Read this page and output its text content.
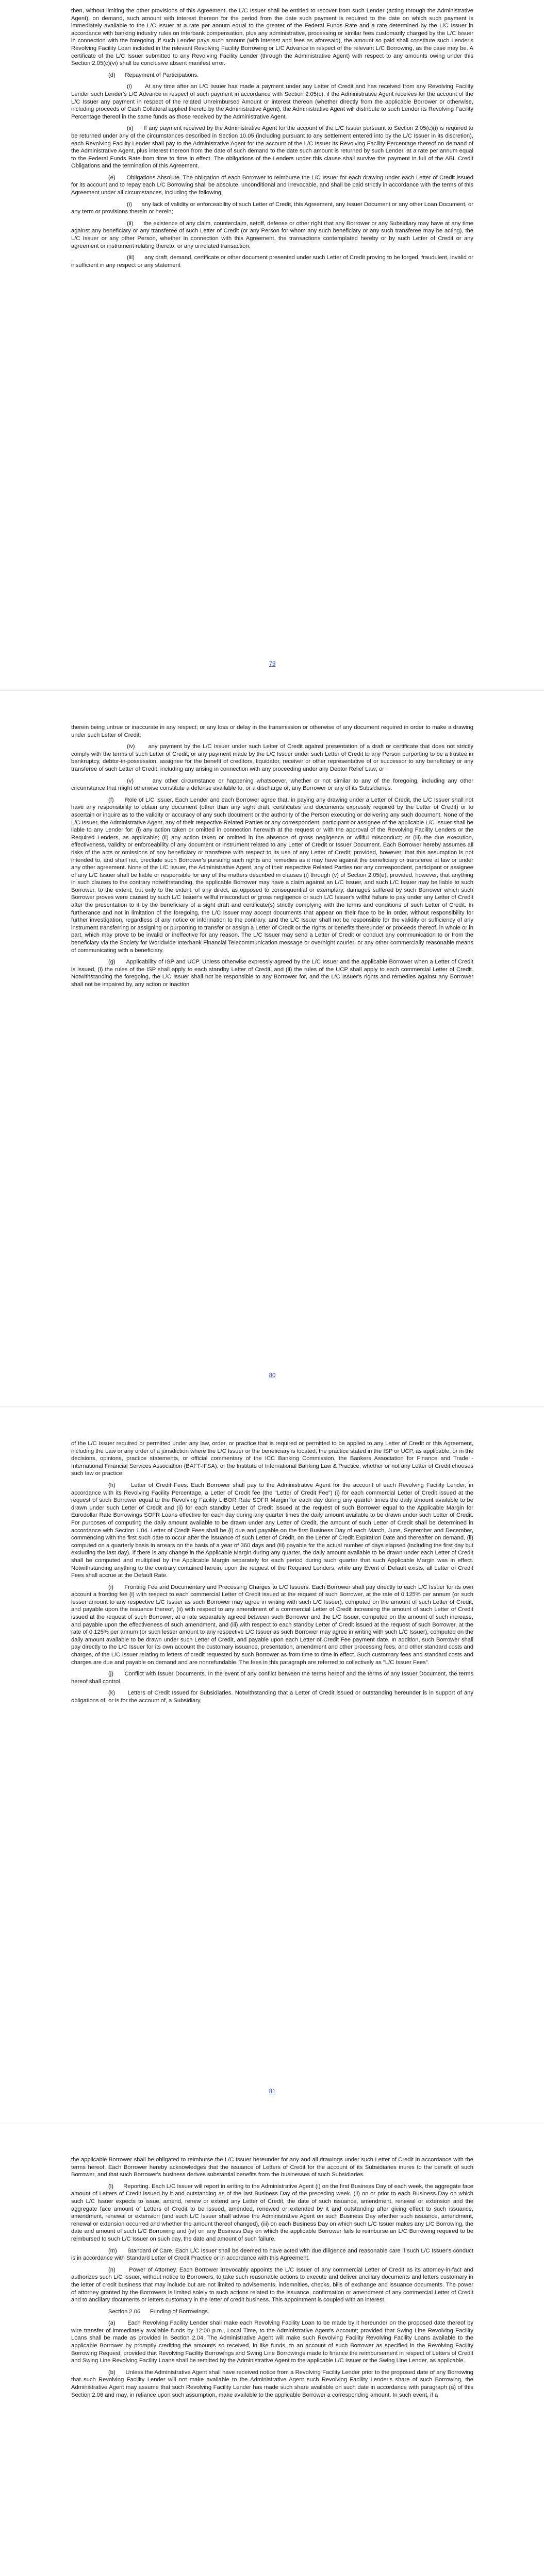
then, without limiting the other provisions of this Agreement, the L/C Issuer shall be entitled to recover from such Lender (acting through the Administrative Agent), on demand, such amount with interest thereon for the period from the date such payment is required to the date on which such payment is immediately available to the L/C Issuer at a rate per annum equal to the greater of the Federal Funds Rate and a rate determined by the L/C Issuer in accordance with banking industry rules on interbank compensation, plus any administrative, processing or similar fees customarily charged by the L/C Issuer in connection with the foregoing. If such Lender pays such amount (with interest and fees as aforesaid), the amount so paid shall constitute such Lender's Revolving Facility Loan included in the relevant Revolving Facility Borrowing or L/C Advance in respect of the relevant L/C Borrowing, as the case may be. A certificate of the L/C Issuer submitted to any Revolving Facility Lender (through the Administrative Agent) with respect to any amounts owing under this Section 2.05(c)(vi) shall be conclusive absent manifest error.

(d)      Repayment of Participations.

(i)      At any time after an L/C Issuer has made a payment under any Letter of Credit and has received from any Revolving Facility Lender such Lender's L/C Advance in respect of such payment in accordance with Section 2.05(c), if the Administrative Agent receives for the account of the L/C Issuer any payment in respect of the related Unreimbursed Amount or interest thereon (whether directly from the applicable Borrower or otherwise, including proceeds of Cash Collateral applied thereto by the Administrative Agent), the Administrative Agent will distribute to such Lender its Revolving Facility Percentage thereof in the same funds as those received by the Administrative Agent.

(ii)      If any payment received by the Administrative Agent for the account of the L/C Issuer pursuant to Section 2.05(c)(i) is required to be returned under any of the circumstances described in Section 10.05 (including pursuant to any settlement entered into by the L/C Issuer in its discretion), each Revolving Facility Lender shall pay to the Administrative Agent for the account of the L/C Issuer its Revolving Facility Percentage thereof on demand of the Administrative Agent, plus interest thereon from the date of such demand to the date such amount is returned by such Lender, at a rate per annum equal to the Federal Funds Rate from time to time in effect. The obligations of the Lenders under this clause shall survive the payment in full of the ABL Credit Obligations and the termination of this Agreement.

(e)      Obligations Absolute. The obligation of each Borrower to reimburse the L/C Issuer for each drawing under each Letter of Credit issued for its account and to repay each L/C Borrowing shall be absolute, unconditional and irrevocable, and shall be paid strictly in accordance with the terms of this Agreement under all circumstances, including the following:

(i)      any lack of validity or enforceability of such Letter of Credit, this Agreement, any Issuer Document or any other Loan Document, or any term or provisions therein or herein;

(ii)      the existence of any claim, counterclaim, setoff, defense or other right that any Borrower or any Subsidiary may have at any time against any beneficiary or any transferee of such Letter of Credit (or any Person for whom any such beneficiary or any such transferee may be acting), the L/C Issuer or any other Person, whether in connection with this Agreement, the transactions contemplated hereby or by such Letter of Credit or any agreement or instrument relating thereto, or any unrelated transaction;

(iii)      any draft, demand, certificate or other document presented under such Letter of Credit proving to be forged, fraudulent, invalid or insufficient in any respect or any statement

79

therein being untrue or inaccurate in any respect; or any loss or delay in the transmission or otherwise of any document required in order to make a drawing under such Letter of Credit;

(iv)      any payment by the L/C Issuer under such Letter of Credit against presentation of a draft or certificate that does not strictly comply with the terms of such Letter of Credit; or any payment made by the L/C Issuer under such Letter of Credit to any Person purporting to be a trustee in bankruptcy, debtor-in-possession, assignee for the benefit of creditors, liquidator, receiver or other representative of or successor to any beneficiary or any transferee of such Letter of Credit, including any arising in connection with any proceeding under any Debtor Relief Law; or

(v)      any other circumstance or happening whatsoever, whether or not similar to any of the foregoing, including any other circumstance that might otherwise constitute a defense available to, or a discharge of, any Borrower or any of its Subsidiaries.

(f)      Role of L/C Issuer. Each Lender and each Borrower agree that, in paying any drawing under a Letter of Credit, the L/C Issuer shall not have any responsibility to obtain any document (other than any sight draft, certificates and documents expressly required by the Letter of Credit) or to ascertain or inquire as to the validity or accuracy of any such document or the authority of the Person executing or delivering any such document. None of the L/C Issuer, the Administrative Agent, any of their respective Related Parties or any correspondent, participant or assignee of the applicable L/C Issuer shall be liable to any Lender for: (i) any action taken or omitted in connection herewith at the request or with the approval of the Revolving Facility Lenders or the Required Lenders, as applicable; (ii) any action taken or omitted in the absence of gross negligence or willful misconduct; or (iii) the due execution, effectiveness, validity or enforceability of any document or instrument related to any Letter of Credit or Issuer Document. Each Borrower hereby assumes all risks of the acts or omissions of any beneficiary or transferee with respect to its use of any Letter of Credit; provided, however, that this assumption is not intended to, and shall not, preclude such Borrower's pursuing such rights and remedies as it may have against the beneficiary or transferee at law or under any other agreement. None of the L/C Issuer, the Administrative Agent, any of their respective Related Parties nor any correspondent, participant or assignee of any L/C Issuer shall be liable or responsible for any of the matters described in clauses (i) through (v) of Section 2.05(e); provided, however, that anything in such clauses to the contrary notwithstanding, the applicable Borrower may have a claim against an L/C Issuer, and such L/C Issuer may be liable to such Borrower, to the extent, but only to the extent, of any direct, as opposed to consequential or exemplary, damages suffered by such Borrower which such Borrower proves were caused by such L/C Issuer's willful misconduct or gross negligence or such L/C Issuer's willful failure to pay under any Letter of Credit after the presentation to it by the beneficiary of a sight draft and certificate(s) strictly complying with the terms and conditions of such Letter of Credit. In furtherance and not in limitation of the foregoing, the L/C Issuer may accept documents that appear on their face to be in order, without responsibility for further investigation, regardless of any notice or information to the contrary, and the L/C Issuer shall not be responsible for the validity or sufficiency of any instrument transferring or assigning or purporting to transfer or assign a Letter of Credit or the rights or benefits thereunder or proceeds thereof, in whole or in part, which may prove to be invalid or ineffective for any reason. The L/C Issuer may send a Letter of Credit or conduct any communication to or from the beneficiary via the Society for Worldwide Interbank Financial Telecommunication message or overnight courier, or any other commercially reasonable means of communicating with a beneficiary.

(g)      Applicability of ISP and UCP. Unless otherwise expressly agreed by the L/C Issuer and the applicable Borrower when a Letter of Credit is issued, (i) the rules of the ISP shall apply to each standby Letter of Credit, and (ii) the rules of the UCP shall apply to each commercial Letter of Credit. Notwithstanding the foregoing, the L/C Issuer shall not be responsible to any Borrower for, and the L/C Issuer's rights and remedies against any Borrower shall not be impaired by, any action or inaction

80

of the L/C Issuer required or permitted under any law, order, or practice that is required or permitted to be applied to any Letter of Credit or this Agreement, including the Law or any order of a jurisdiction where the L/C Issuer or the beneficiary is located, the practice stated in the ISP or UCP, as applicable, or in the decisions, opinions, practice statements, or official commentary of the ICC Banking Commission, the Bankers Association for Finance and Trade - International Financial Services Association (BAFT-IFSA), or the Institute of International Banking Law & Practice, whether or not any Letter of Credit chooses such law or practice.

(h)      Letter of Credit Fees. Each Borrower shall pay to the Administrative Agent for the account of each Revolving Facility Lender, in accordance with its Revolving Facility Percentage, a Letter of Credit fee (the "Letter of Credit Fee") (i) for each commercial Letter of Credit issued at the request of such Borrower equal to the Revolving Facility LIBOR Rate SOFR Margin for each day during any quarter times the daily amount available to be drawn under such Letter of Credit and (ii) for each standby Letter of Credit issued at the request of such Borrower equal to the Applicable Margin for Eurodollar Rate Borrowings SOFR Loans effective for each day during any quarter times the daily amount available to be drawn under such Letter of Credit. For purposes of computing the daily amount available to be drawn under any Letter of Credit, the amount of such Letter of Credit shall be determined in accordance with Section 1.04. Letter of Credit Fees shall be (i) due and payable on the first Business Day of each March, June, September and December, commencing with the first such date to occur after the issuance of such Letter of Credit, on the Letter of Credit Expiration Date and thereafter on demand, (ii) computed on a quarterly basis in arrears on the basis of a year of 360 days and (iii) payable for the actual number of days elapsed (including the first day but excluding the last day). If there is any change in the Applicable Margin during any quarter, the daily amount available to be drawn under each Letter of Credit shall be computed and multiplied by the Applicable Margin separately for each period during such quarter that such Applicable Margin was in effect. Notwithstanding anything to the contrary contained herein, upon the request of the Required Lenders, while any Event of Default exists, all Letter of Credit Fees shall accrue at the Default Rate.

(i)      Fronting Fee and Documentary and Processing Charges to L/C Issuers. Each Borrower shall pay directly to each L/C Issuer for its own account a fronting fee (i) with respect to each commercial Letter of Credit issued at the request of such Borrower, at the rate of 0.125% per annum (or such lesser amount to any respective L/C Issuer as such Borrower may agree in writing with such L/C Issuer), computed on the amount of such Letter of Credit, and payable upon the issuance thereof, (ii) with respect to any amendment of a commercial Letter of Credit increasing the amount of such Letter of Credit issued at the request of such Borrower, at a rate separately agreed between such Borrower and the L/C Issuer, computed on the amount of such increase, and payable upon the effectiveness of such amendment, and (iii) with respect to each standby Letter of Credit issued at the request of such Borrower, at the rate of 0.125% per annum (or such lesser amount to any respective L/C Issuer as such Borrower may agree in writing with such L/C Issuer), computed on the daily amount available to be drawn under such Letter of Credit, and payable upon each Letter of Credit Fee payment date. In addition, such Borrower shall pay directly to the L/C Issuer for its own account the customary issuance, presentation, amendment and other processing fees, and other standard costs and charges, of the L/C Issuer relating to letters of credit requested by such Borrower as from time to time in effect. Such customary fees and standard costs and charges are due and payable on demand and are nonrefundable. The fees in this paragraph are referred to collectively as "L/C Issuer Fees".

(j)      Conflict with Issuer Documents. In the event of any conflict between the terms hereof and the terms of any Issuer Document, the terms hereof shall control.

(k)      Letters of Credit Issued for Subsidiaries. Notwithstanding that a Letter of Credit issued or outstanding hereunder is in support of any obligations of, or is for the account of, a Subsidiary,

81

the applicable Borrower shall be obligated to reimburse the L/C Issuer hereunder for any and all drawings under such Letter of Credit in accordance with the terms hereof. Each Borrower hereby acknowledges that the issuance of Letters of Credit for the account of its Subsidiaries inures to the benefit of such Borrower, and that such Borrower's business derives substantial benefits from the businesses of such Subsidiaries.

(l)      Reporting. Each L/C Issuer will report in writing to the Administrative Agent (i) on the first Business Day of each week, the aggregate face amount of Letters of Credit issued by it and outstanding as of the last Business Day of the preceding week, (ii) on or prior to each Business Day on which such L/C Issuer expects to issue, amend, renew or extend any Letter of Credit, the date of such issuance, amendment, renewal or extension and the aggregate face amount of Letters of Credit to be issued, amended, renewed or extended by it and outstanding after giving effect to such issuance, amendment, renewal or extension (and such L/C Issuer shall advise the Administrative Agent on such Business Day whether such issuance, amendment, renewal or extension occurred and whether the amount thereof changed), (iii) on each Business Day on which such L/C Issuer makes any L/C Borrowing, the date and amount of such L/C Borrowing and (iv) on any Business Day on which the applicable Borrower fails to reimburse an L/C Borrowing required to be reimbursed to such L/C Issuer on such day, the date and amount of such failure.

(m)      Standard of Care. Each L/C Issuer shall be deemed to have acted with due diligence and reasonable care if such L/C Issuer's conduct is in accordance with Standard Letter of Credit Practice or in accordance with this Agreement.

(n)      Power of Attorney. Each Borrower irrevocably appoints the L/C Issuer of any commercial Letter of Credit as its attorney-in-fact and authorizes such L/C Issuer, without notice to Borrowers, to take such reasonable actions to execute and deliver ancillary documents and letters customary in the letter of credit business that may include but are not limited to advisements, indemnities, checks, bills of exchange and issuance documents. The power of attorney granted by the Borrowers is limited solely to such actions related to the issuance, confirmation or amendment of any commercial Letter of Credit and to ancillary documents or letters customary in the letter of credit business. This appointment is coupled with an interest.

Section 2.06      Funding of Borrowings.

(a)      Each Revolving Facility Lender shall make each Revolving Facility Loan to be made by it hereunder on the proposed date thereof by wire transfer of immediately available funds by 12:00 p.m., Local Time, to the Administrative Agent's Account; provided that Swing Line Revolving Facility Loans shall be made as provided in Section 2.04. The Administrative Agent will make such Revolving Facility Revolving Facility Loans available to the applicable Borrower by promptly crediting the amounts so received, in like funds, to an account of such Borrower as specified in the Revolving Facility Borrowing Request; provided that Revolving Facility Borrowings and Swing Line Borrowings made to finance the reimbursement in respect of Letters of Credit and Swing Line Revolving Facility Loans shall be remitted by the Administrative Agent to the applicable L/C Issuer or the Swing Line Lender, as applicable.

(b)      Unless the Administrative Agent shall have received notice from a Revolving Facility Lender prior to the proposed date of any Borrowing that such Revolving Facility Lender will not make available to the Administrative Agent such Revolving Facility Lender's share of such Borrowing, the Administrative Agent may assume that such Revolving Facility Lender has made such share available on such date in accordance with paragraph (a) of this Section 2.06 and may, in reliance upon such assumption, make available to the applicable Borrower a corresponding amount. In such event, if a
